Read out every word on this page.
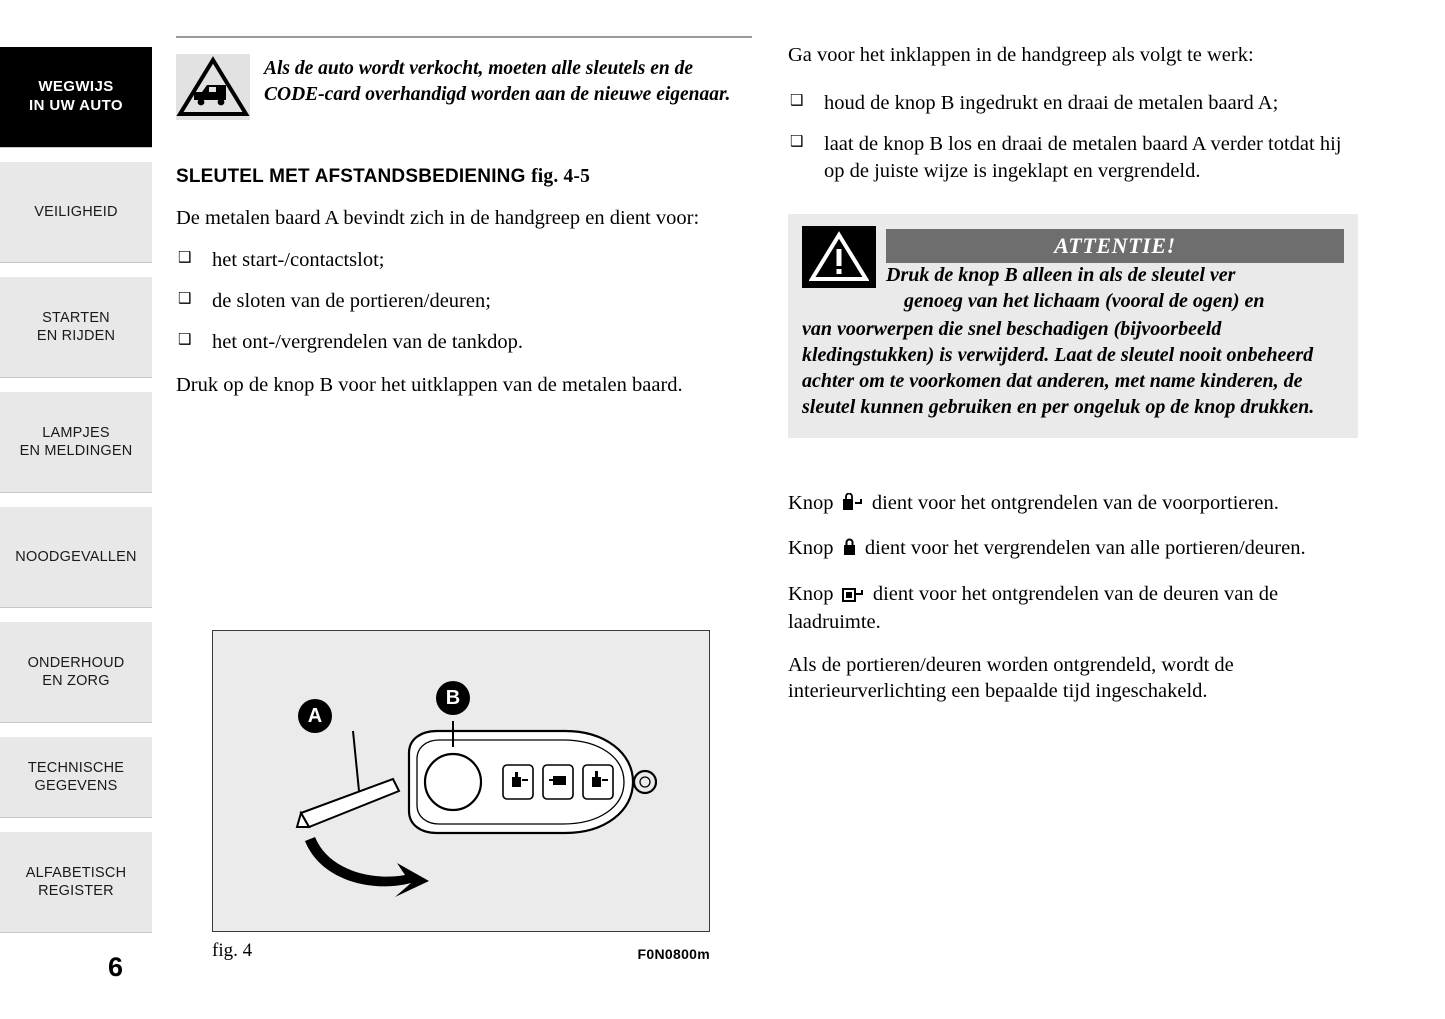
WEGWIJS
IN UW AUTO
VEILIGHEID
STARTEN
EN RIJDEN
LAMPJES
EN MELDINGEN
NOODGEVALLEN
ONDERHOUD
EN ZORG
TECHNISCHE
GEGEVENS
ALFABETISCH
REGISTER
6
Als de auto wordt verkocht, moeten alle sleutels en de CODE-card overhandigd worden aan de nieuwe eigenaar.
SLEUTEL MET AFSTANDSBEDIENING fig. 4-5

De metalen baard A bevindt zich in de handgreep en dient voor:

❑ het start-/contactslot;
❑ de sloten van de portieren/deuren;
❑ het ont-/vergrendelen van de tankdop.

Druk op de knop B voor het uitklappen van de metalen baard.

B
A
fig. 4	F0N0800m

Ga voor het inklappen in de handgreep als volgt te werk:

❑ houd de knop B ingedrukt en draai de metalen baard A;
❑ laat de knop B los en draai de metalen baard A verder totdat hij op de juiste wijze is ingeklapt en vergrendeld.
ATTENTIE!
Druk de knop B alleen in als de sleutel ver
genoeg van het lichaam (vooral de ogen) en
van voorwerpen die snel beschadigen (bijvoorbeeld kledingstukken) is verwijderd. Laat de sleutel nooit onbeheerd achter om te voorkomen dat anderen, met name kinderen, de sleutel kunnen gebruiken en per ongeluk op de knop drukken.

Knop dient voor het ontgrendelen van de voorportieren.

Knop dient voor het vergrendelen van alle portieren/deuren.

Knop dient voor het ontgrendelen van de deuren van de laadruimte.

Als de portieren/deuren worden ontgrendeld, wordt de interieurverlichting een bepaalde tijd ingeschakeld.
